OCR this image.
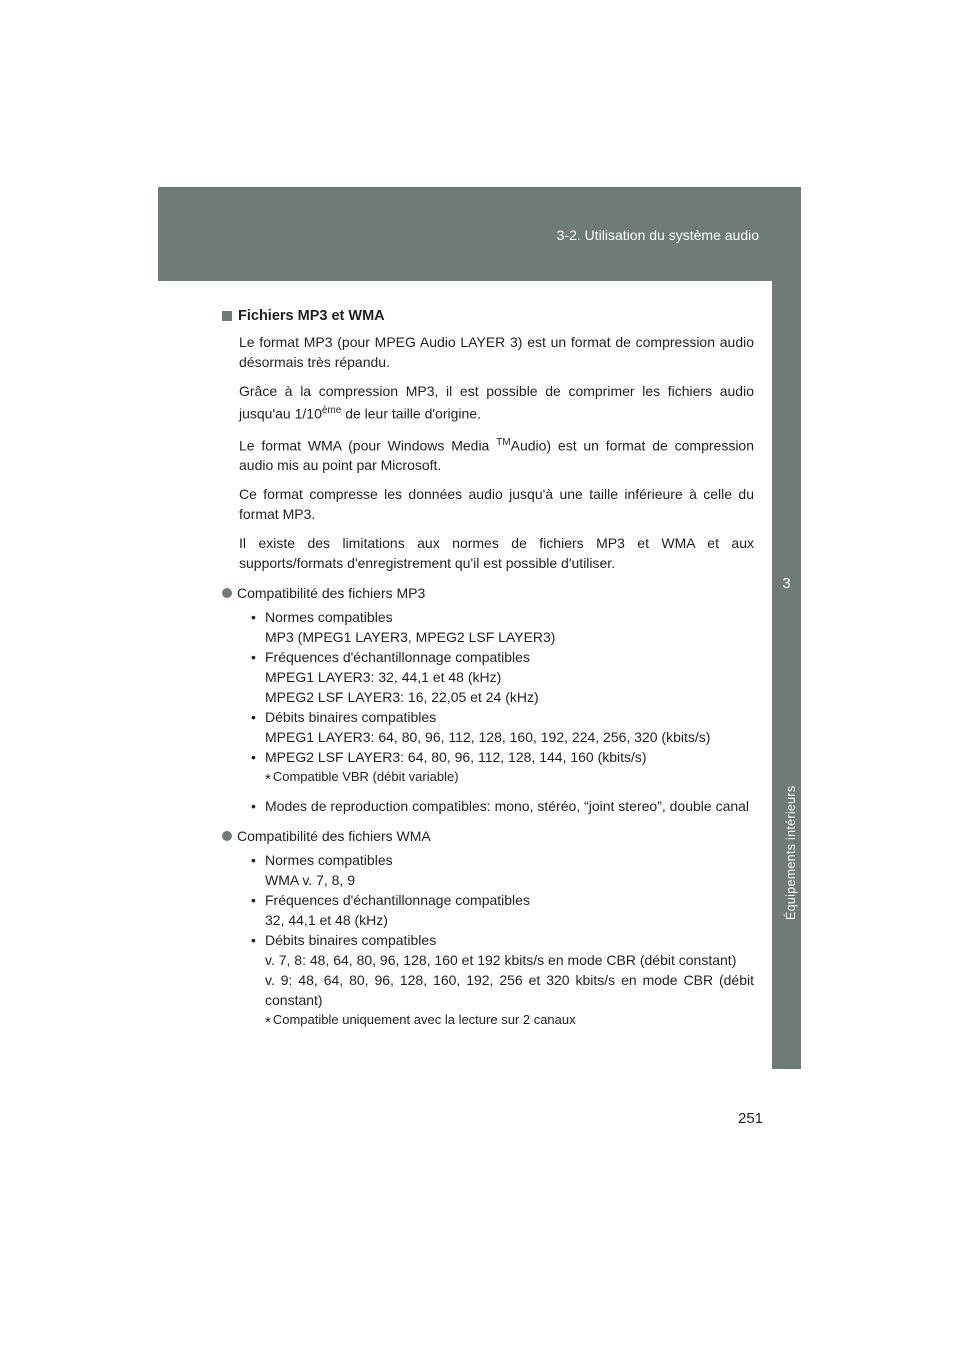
3-2. Utilisation du système audio
3
Équipements intérieurs
Fichiers MP3 et WMA

Le format MP3 (pour MPEG Audio LAYER 3) est un format de compression audio désormais très répandu.

Grâce à la compression MP3, il est possible de comprimer les fichiers audio jusqu'au 1/10ème de leur taille d'origine.

Le format WMA (pour Windows Media ™Audio) est un format de compression audio mis au point par Microsoft.

Ce format compresse les données audio jusqu'à une taille inférieure à celle du format MP3.

Il existe des limitations aux normes de fichiers MP3 et WMA et aux supports/formats d'enregistrement qu'il est possible d'utiliser.

Compatibilité des fichiers MP3
• Normes compatibles
MP3 (MPEG1 LAYER3, MPEG2 LSF LAYER3)
• Fréquences d'échantillonnage compatibles
MPEG1 LAYER3: 32, 44,1 et 48 (kHz)
MPEG2 LSF LAYER3: 16, 22,05 et 24 (kHz)
• Débits binaires compatibles
MPEG1 LAYER3: 64, 80, 96, 112, 128, 160, 192, 224, 256, 320 (kbits/s)
• MPEG2 LSF LAYER3: 64, 80, 96, 112, 128, 144, 160 (kbits/s)
* Compatible VBR (débit variable)
• Modes de reproduction compatibles: mono, stéréo, “joint stereo”, double canal
Compatibilité des fichiers WMA
• Normes compatibles
WMA v. 7, 8, 9
• Fréquences d'échantillonnage compatibles
32, 44,1 et 48 (kHz)
• Débits binaires compatibles
v. 7, 8: 48, 64, 80, 96, 128, 160 et 192 kbits/s en mode CBR (débit constant)
v. 9: 48, 64, 80, 96, 128, 160, 192, 256 et 320 kbits/s en mode CBR (débit constant)
* Compatible uniquement avec la lecture sur 2 canaux
251
